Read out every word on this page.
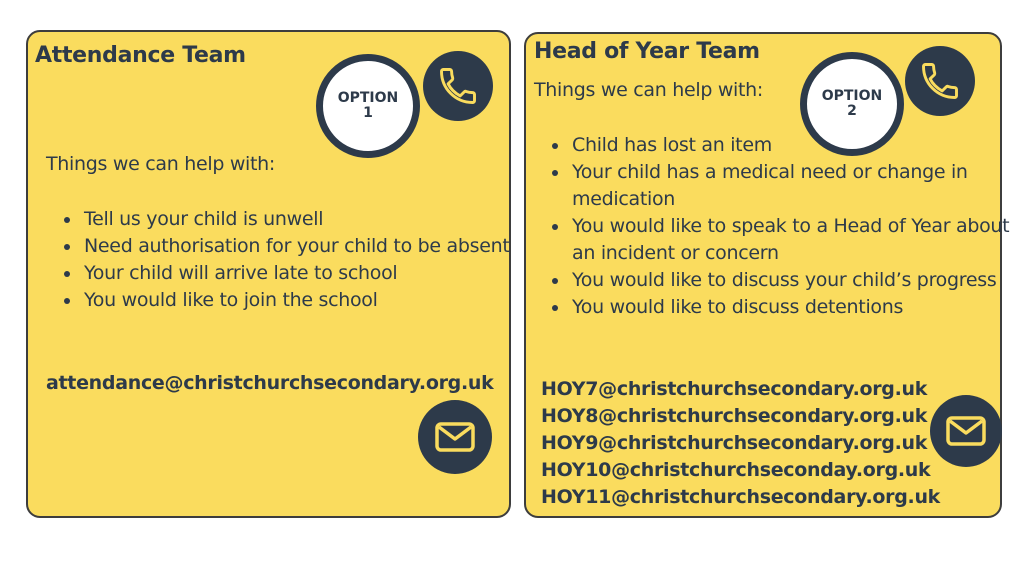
Attendance Team
OPTION
1
Things we can help with:
• Tell us your child is unwell
• Need authorisation for your child to be absent
• Your child will arrive late to school
• You would like to join the school
attendance@christchurchsecondary.org.uk
Head of Year Team
Things we can help with:	OPTION
2
• Child has lost an item
• Your child has a medical need or change in medication
• You would like to speak to a Head of Year about an incident or concern
• You would like to discuss your child’s progress
• You would like to discuss detentions
HOY7@christchurchsecondary.org.uk
HOY8@christchurchsecondary.org.uk
HOY9@christchurchsecondary.org.uk
HOY10@christchurchseconday.org.uk
HOY11@christchurchsecondary.org.uk
